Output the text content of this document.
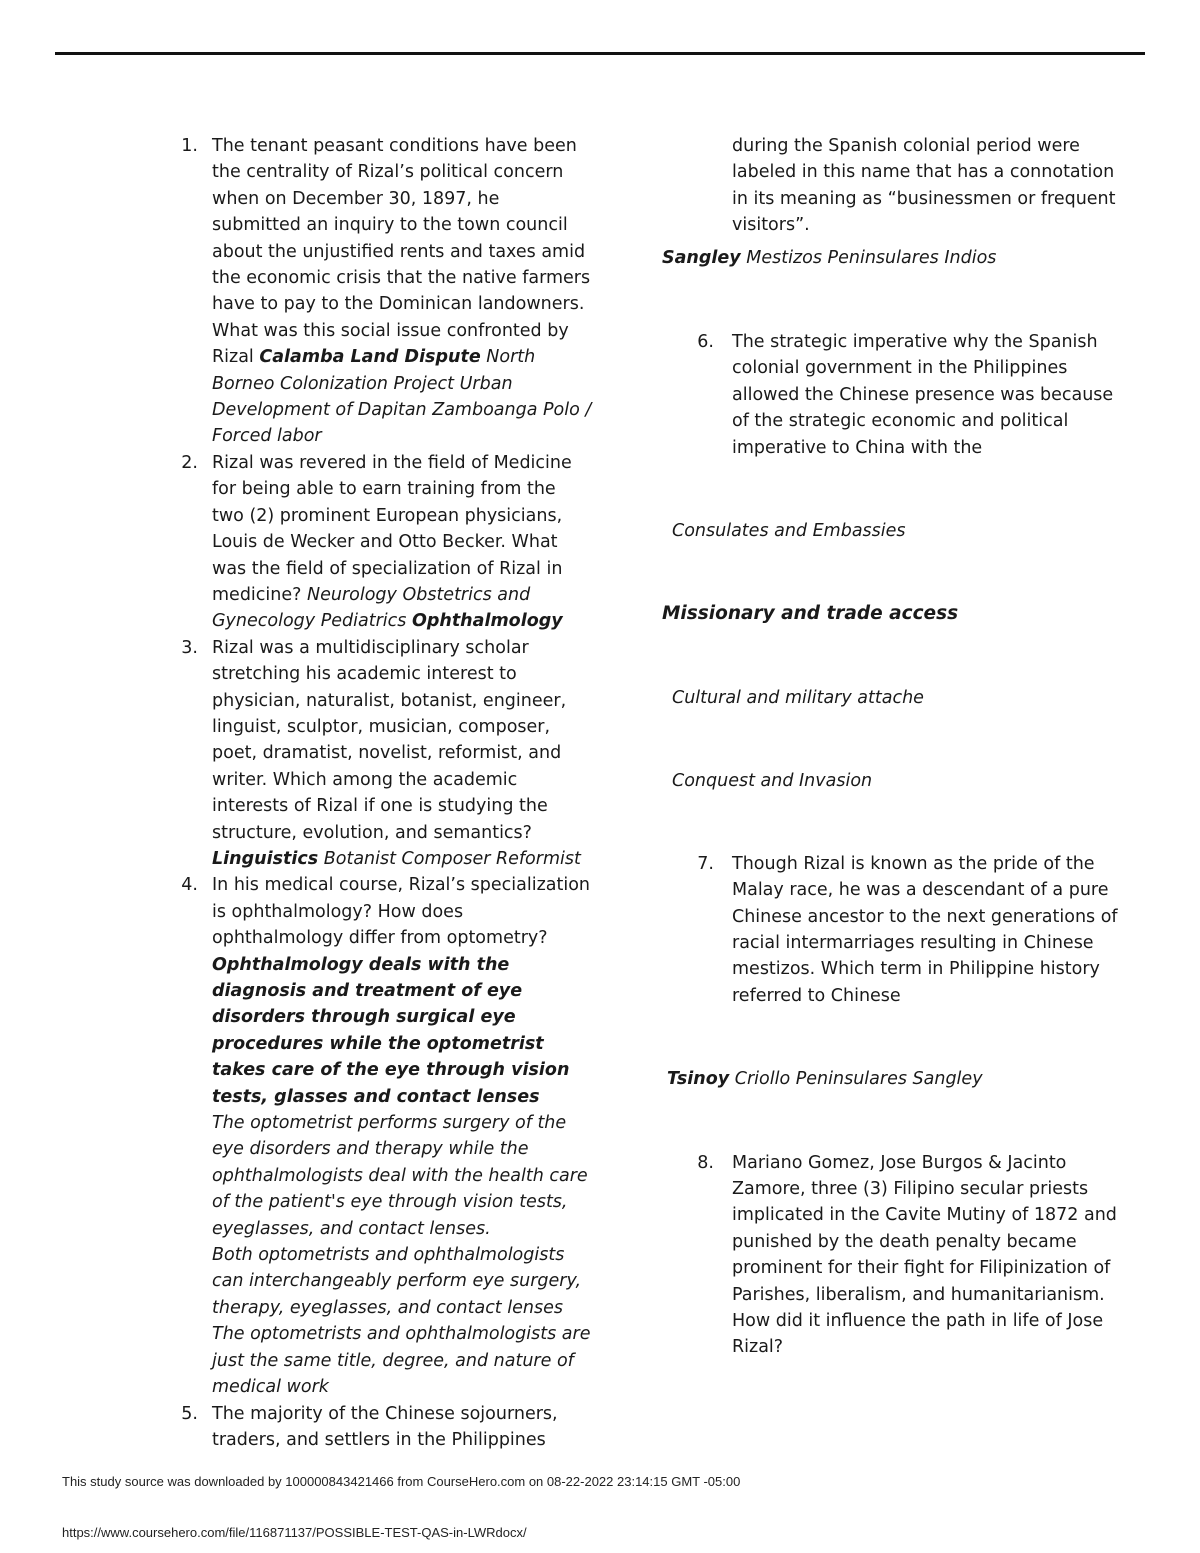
1. The tenant peasant conditions have been the centrality of Rizal’s political concern when on December 30, 1897, he submitted an inquiry to the town council about the unjustified rents and taxes amid the economic crisis that the native farmers have to pay to the Dominican landowners. What was this social issue confronted by Rizal Calamba Land Dispute North Borneo Colonization Project Urban Development of Dapitan Zamboanga Polo / Forced labor
2. Rizal was revered in the field of Medicine for being able to earn training from the two (2) prominent European physicians, Louis de Wecker and Otto Becker. What was the field of specialization of Rizal in medicine? Neurology Obstetrics and Gynecology Pediatrics Ophthalmology
3. Rizal was a multidisciplinary scholar stretching his academic interest to physician, naturalist, botanist, engineer, linguist, sculptor, musician, composer, poet, dramatist, novelist, reformist, and writer. Which among the academic interests of Rizal if one is studying the structure, evolution, and semantics? Linguistics Botanist Composer Reformist
4. In his medical course, Rizal’s specialization is ophthalmology? How does ophthalmology differ from optometry?
Ophthalmology deals with the diagnosis and treatment of eye disorders through surgical eye procedures while the optometrist takes care of the eye through vision tests, glasses and contact lenses
The optometrist performs surgery of the eye disorders and therapy while the ophthalmologists deal with the health care of the patient's eye through vision tests, eyeglasses, and contact lenses.
Both optometrists and ophthalmologists can interchangeably perform eye surgery, therapy, eyeglasses, and contact lenses
The optometrists and ophthalmologists are just the same title, degree, and nature of medical work
5. The majority of the Chinese sojourners, traders, and settlers in the Philippines
during the Spanish colonial period were labeled in this name that has a connotation in its meaning as “businessmen or frequent visitors”.
Sangley Mestizos Peninsulares Indios
6. The strategic imperative why the Spanish colonial government in the Philippines allowed the Chinese presence was because of the strategic economic and political imperative to China with the
Consulates and Embassies
Missionary and trade access
Cultural and military attache
Conquest and Invasion
7. Though Rizal is known as the pride of the Malay race, he was a descendant of a pure Chinese ancestor to the next generations of racial intermarriages resulting in Chinese mestizos. Which term in Philippine history referred to Chinese
Tsinoy Criollo Peninsulares Sangley
8. Mariano Gomez, Jose Burgos & Jacinto Zamore, three (3) Filipino secular priests implicated in the Cavite Mutiny of 1872 and punished by the death penalty became prominent for their fight for Filipinization of Parishes, liberalism, and humanitarianism. How did it influence the path in life of Jose Rizal?
This study source was downloaded by 100000843421466 from CourseHero.com on 08-22-2022 23:14:15 GMT -05:00
https://www.coursehero.com/file/116871137/POSSIBLE-TEST-QAS-in-LWRdocx/
